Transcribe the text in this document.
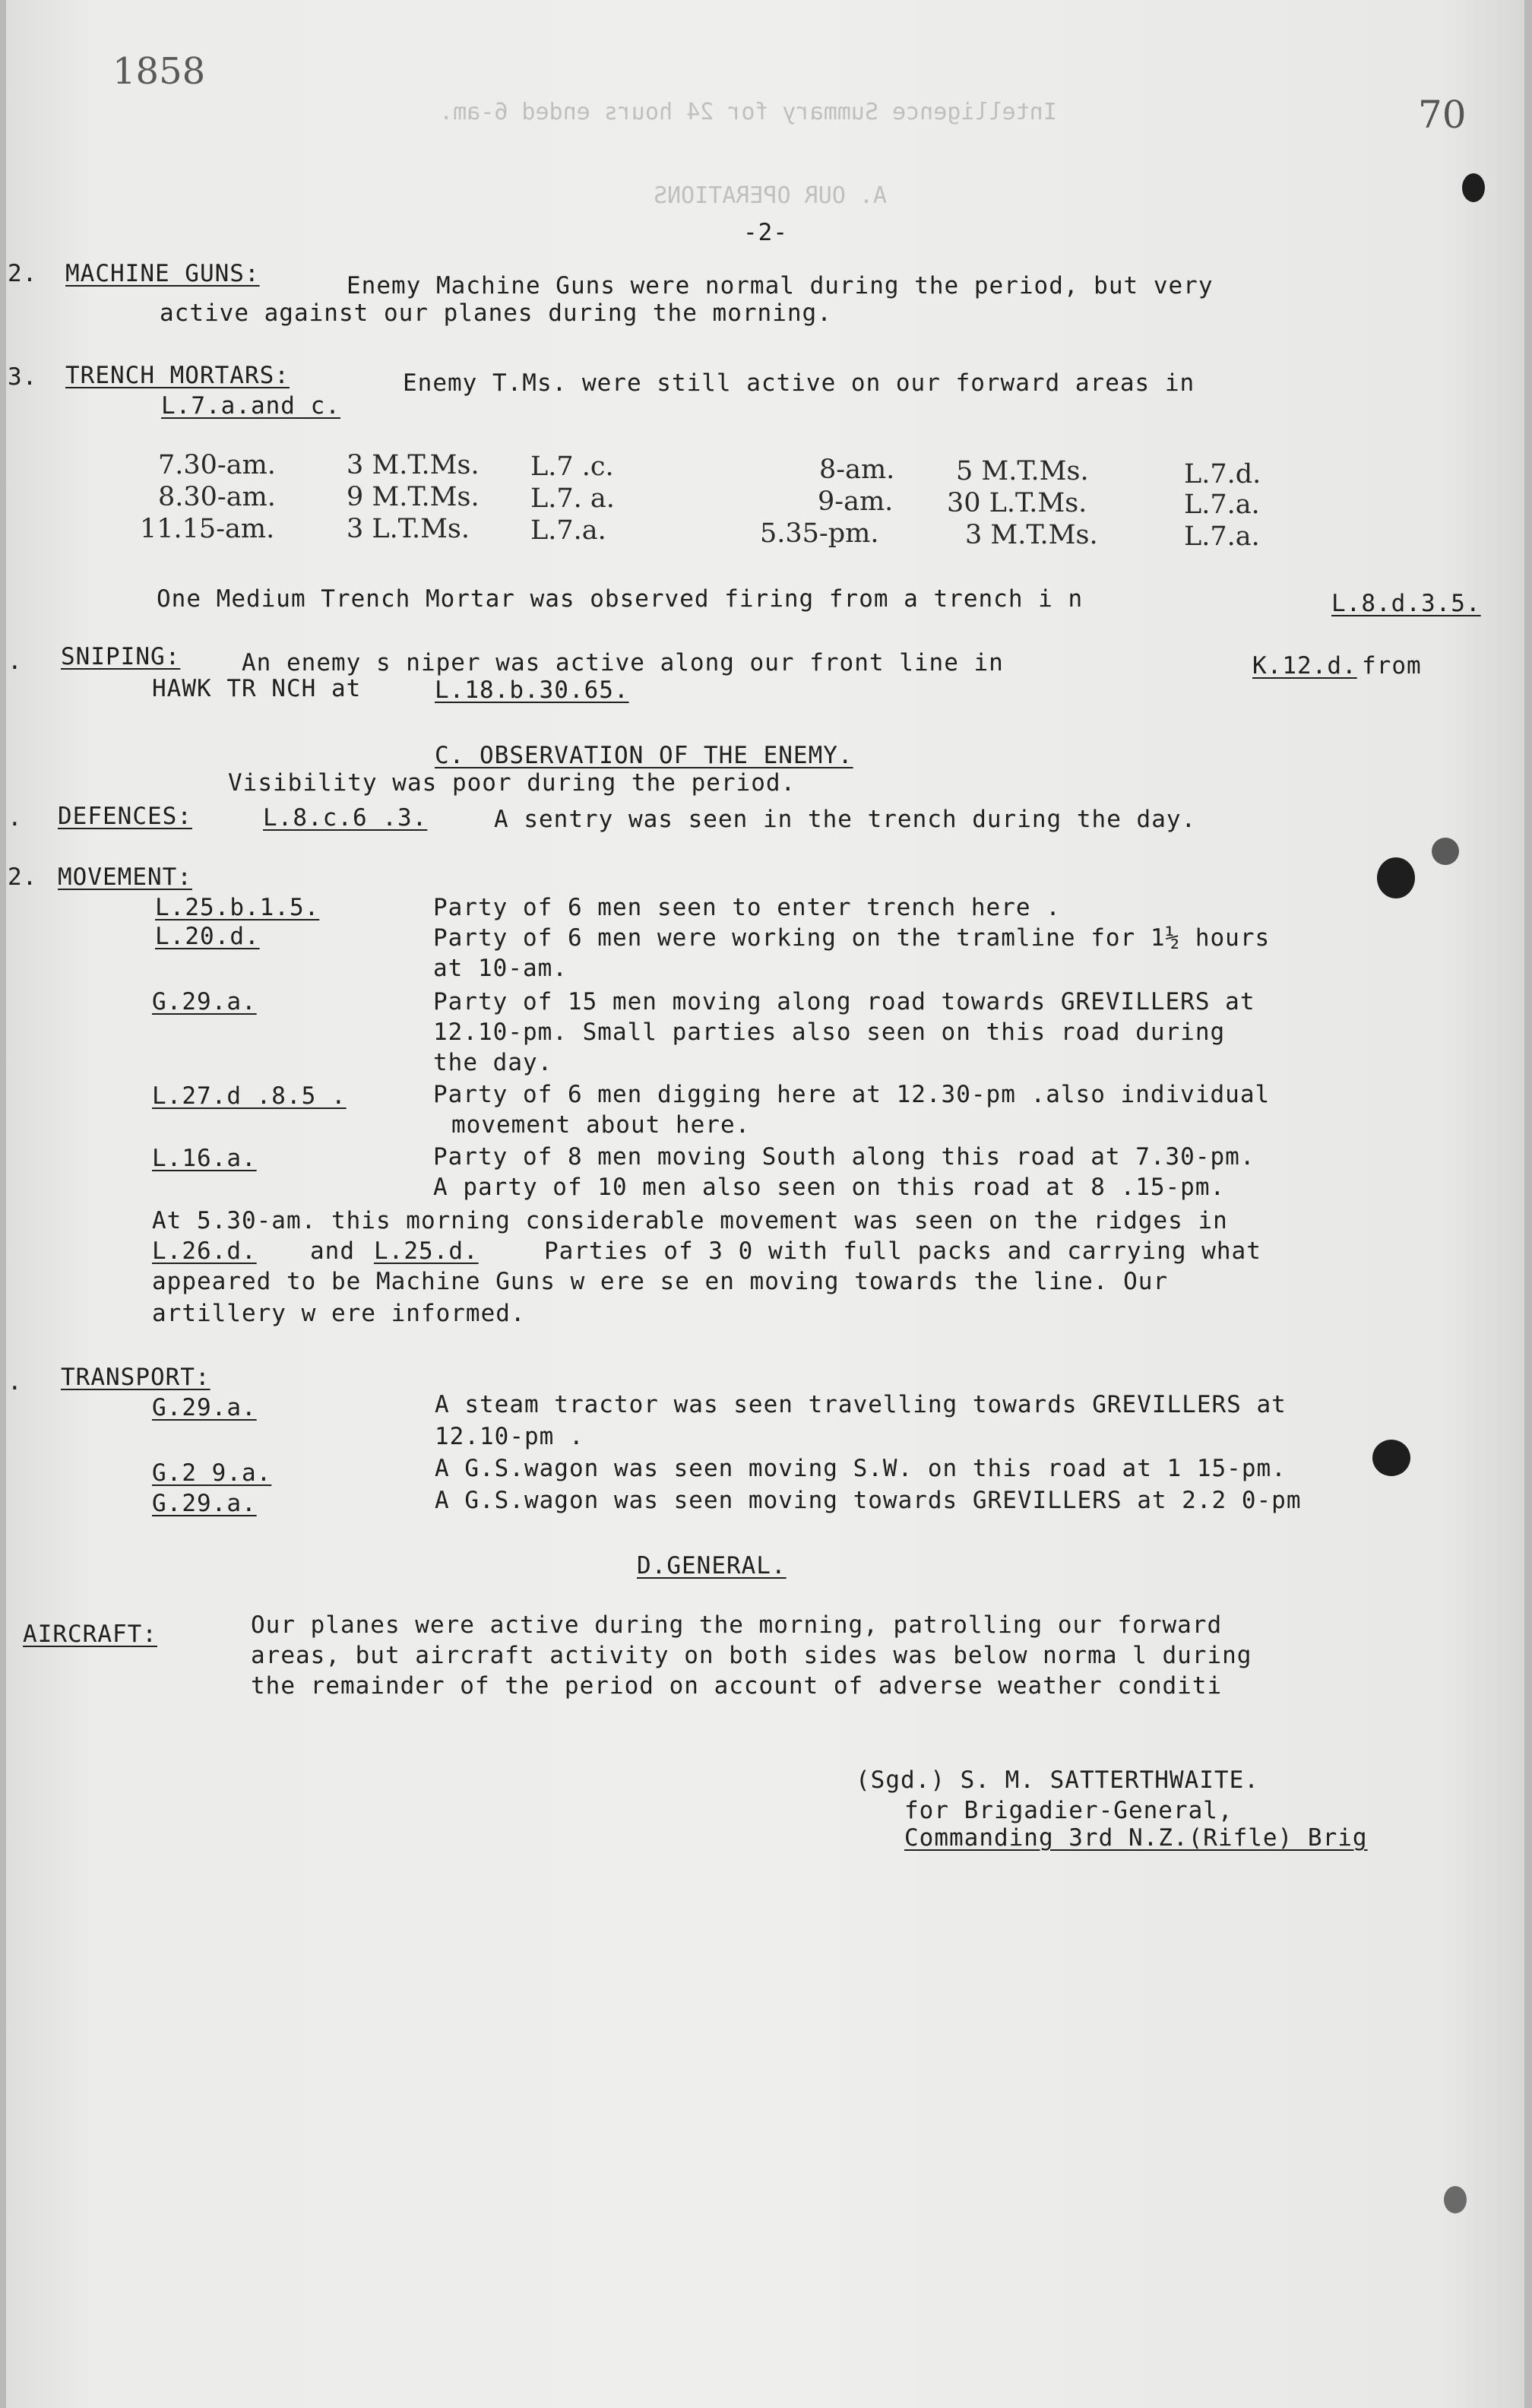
Intelligence Summary for 24 hours ended 6-am.
A. OUR OPERATIONS
1858
70
-2-
2. MACHINE GUNS:	Enemy Machine Guns were normal during the period, but very
active against our planes during the morning.
3. TRENCH MORTARS:	Enemy T.Ms. were still active on our forward areas in
L.7.a.and c.
7.30-am.	3 M.T.Ms. L.7 .c.	8-am. 5 M.T.Ms.	L.7.d.
8.30-am.	9 M.T.Ms. L.7. a.	9-am. 30 L.T.Ms.	L.7.a.
11.15-am.	3 L.T.Ms. L.7.a.	5.35-pm.	3 M.T.Ms.	L.7.a.
One Medium Trench Mortar was observed firing from a trench i n	L.8.d.3.5.
. SNIPING:	An enemy s niper was active along our front line in	K.12.d. from
HAWK TR NCH at	L.18.b.30.65.
C. OBSERVATION OF THE ENEMY.
Visibility was poor during the period.
. DEFENCES:	L.8.c.6 .3.	A sentry was seen in the trench during the day.
2. MOVEMENT:
L.25.b.1.5.	Party of 6 men seen to enter trench here .
L.20.d.	Party of 6 men were working on the tramline for 1½ hours
at 10-am.
G.29.a.	Party of 15 men moving along road towards GREVILLERS at
12.10-pm. Small parties also seen on this road during
the day.
L.27.d .8.5 .	Party of 6 men digging here at 12.30-pm .also individual
movement about here.
L.16.a.	Party of 8 men moving South along this road at 7.30-pm.
A party of 10 men also seen on this road at 8 .15-pm.
At 5.30-am. this morning considerable movement was seen on the ridges in
L.26.d. and L.25.d.	Parties of 3 0 with full packs and carrying what
appeared to be Machine Guns w ere se en moving towards the line. Our
artillery w ere informed.
. TRANSPORT:
G.29.a.	A steam tractor was seen travelling towards GREVILLERS at
12.10-pm .
G.2 9.a.	A G.S.wagon was seen moving S.W. on this road at 1 15-pm.
G.29.a.	A G.S.wagon was seen moving towards GREVILLERS at 2.2 0-pm
D.GENERAL.
AIRCRAFT:	Our planes were active during the morning, patrolling our forward
areas, but aircraft activity on both sides was below norma l during
the remainder of the period on account of adverse weather conditi
(Sgd.) S. M. SATTERTHWAITE.
for Brigadier-General,
Commanding 3rd N.Z.(Rifle) Brig
